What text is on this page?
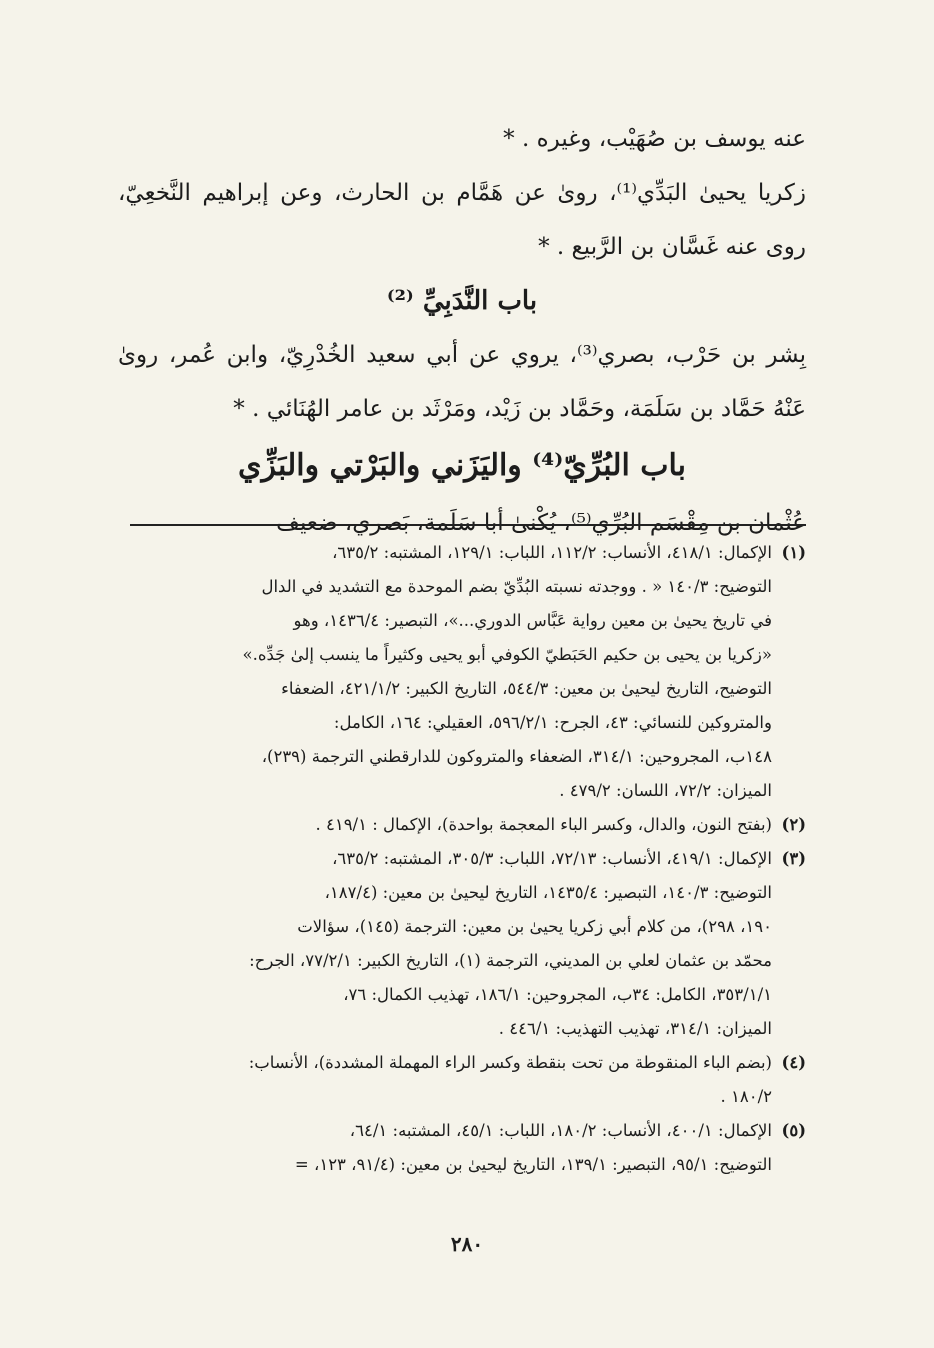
عنه يوسف بن صُهَيْب، وغيره . *

زكريا يحيىٰ البَدِّي⁽¹⁾، روىٰ عن هَمَّام بن الحارث، وعن إبراهيم النَّخعِيّ، روى عنه غَسَّان بن الرَّبيع . *

باب النَّدَبِيِّ ⁽²⁾

بِشر بن حَرْب، بصري⁽³⁾، يروي عن أبي سعيد الخُدْرِيّ، وابن عُمر، روىٰ عَنْهُ حَمَّاد بن سَلَمَة، وحَمَّاد بن زَيْد، ومَرْثَد بن عامر الهُنَائي . *

باب البُرِّيّ⁽⁴⁾ واليَزَني والبَرْتي والبَزِّي

عُثْمان بن مِقْسَم البُرِّي⁽⁵⁾، يُكْنىٰ أبا سَلَمة، بَصري، ضعيف

(١)

الإكمال: ٤١٨/١، الأنساب: ١١٢/٢، اللباب: ١٢٩/١، المشتبه: ٦٣٥/٢،

التوضيح: ١٤٠/٣ « . ووجدته نسبته البُدِّيّ بضم الموحدة مع التشديد في الدال

في تاريخ يحيىٰ بن معين رواية عَبَّاس الدوري...»، التبصير: ١٤٣٦/٤، وهو

«زكريا بن يحيى بن حكيم الحَبَطيّ الكوفي أبو يحيى وكثيراً ما ينسب إلىٰ جَدِّه.»

التوضيح، التاريخ ليحيىٰ بن معين: ٥٤٤/٣، التاريخ الكبير: ٤٢١/١/٢، الضعفاء

والمتروكين للنسائي: ٤٣، الجرح: ٥٩٦/٢/١، العقيلي: ١٦٤، الكامل:

١٤٨ب، المجروحين: ٣١٤/١، الضعفاء والمتروكون للدارقطني الترجمة (٢٣٩)،

الميزان: ٧٢/٢، اللسان: ٤٧٩/٢ .

(٢)

(بفتح النون، والدال، وكسر الباء المعجمة بواحدة)، الإكمال : ٤١٩/١ .

(٣)

الإكمال: ٤١٩/١، الأنساب: ٧٢/١٣، اللباب: ٣٠٥/٣، المشتبه: ٦٣٥/٢،

التوضيح: ١٤٠/٣، التبصير: ١٤٣٥/٤، التاريخ ليحيىٰ بن معين: (١٨٧/٤،

١٩٠، ٢٩٨)، من كلام أبي زكريا يحيىٰ بن معين: الترجمة (١٤٥)، سؤالات

محمّد بن عثمان لعلي بن المديني، الترجمة (١)، التاريخ الكبير: ٧٧/٢/١، الجرح:

٣٥٣/١/١، الكامل: ٣٤ب، المجروحين: ١٨٦/١، تهذيب الكمال: ٧٦،

الميزان: ٣١٤/١، تهذيب التهذيب: ٤٤٦/١ .

(٤)

(بضم الباء المنقوطة من تحت بنقطة وكسر الراء المهملة المشددة)، الأنساب:

١٨٠/٢ .

(٥)

الإكمال: ٤٠٠/١، الأنساب: ١٨٠/٢، اللباب: ٤٥/١، المشتبه: ٦٤/١،

التوضيح: ٩٥/١، التبصير: ١٣٩/١، التاريخ ليحيىٰ بن معين: (٩١/٤، ١٢٣، =

٢٨٠
